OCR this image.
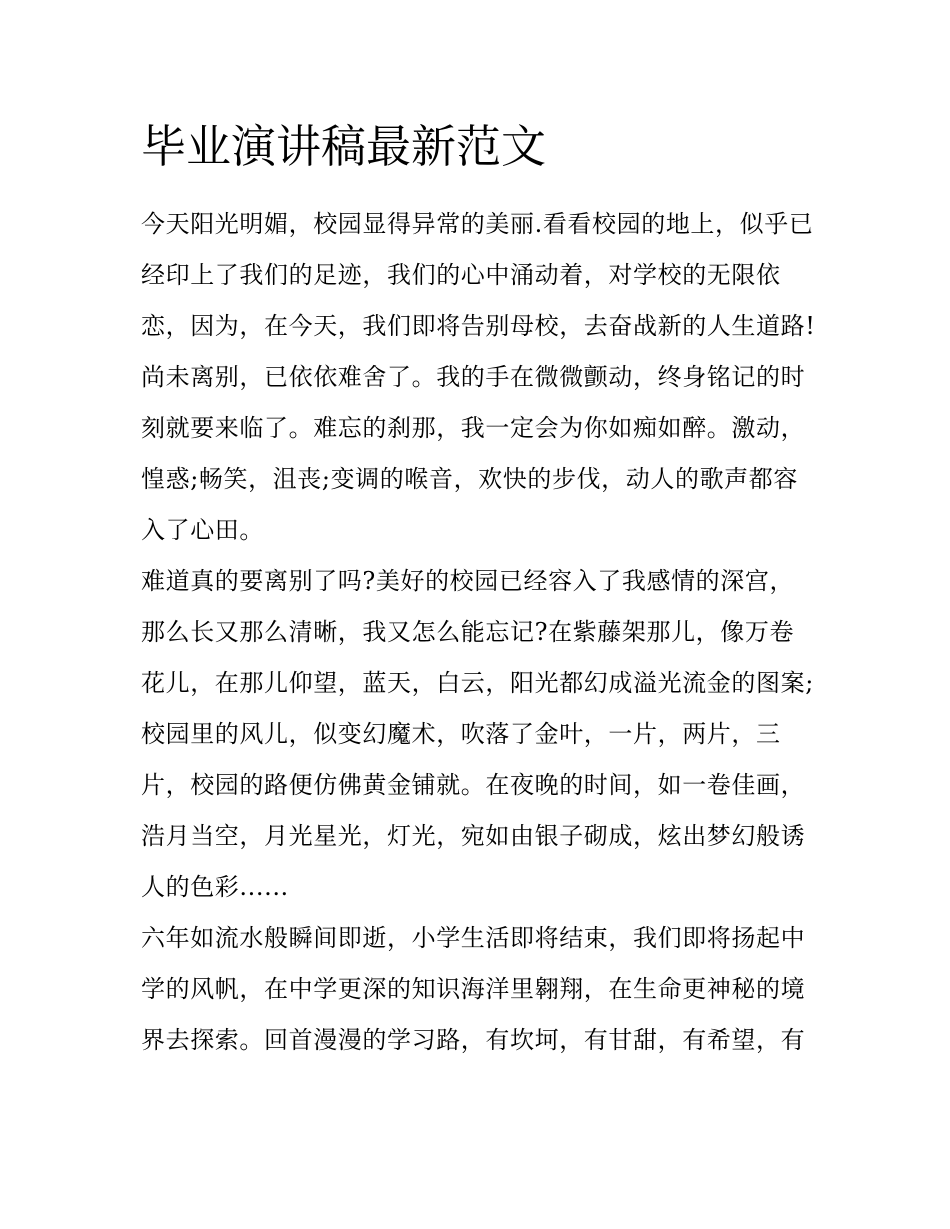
毕业演讲稿最新范文

今天阳光明媚，校园显得异常的美丽.看看校园的地上，似乎已经印上了我们的足迹，我们的心中涌动着，对学校的无限依恋，因为，在今天，我们即将告别母校，去奋战新的人生道路!

尚未离别，已依依难舍了。我的手在微微颤动，终身铭记的时刻就要来临了。难忘的刹那，我一定会为你如痴如醉。激动，惶惑;畅笑，沮丧;变调的喉音，欢快的步伐，动人的歌声都容入了心田。

难道真的要离别了吗?美好的校园已经容入了我感情的深宫，那么长又那么清晰，我又怎么能忘记?在紫藤架那儿，像万卷花儿，在那儿仰望，蓝天，白云，阳光都幻成溢光流金的图案;校园里的风儿，似变幻魔术，吹落了金叶，一片，两片，三片，校园的路便仿佛黄金铺就。在夜晚的时间，如一卷佳画，浩月当空，月光星光，灯光，宛如由银子砌成，炫出梦幻般诱人的色彩......

六年如流水般瞬间即逝，小学生活即将结束，我们即将扬起中学的风帆，在中学更深的知识海洋里翱翔，在生命更神秘的境界去探索。回首漫漫的学习路，有坎坷，有甘甜，有希望，有
